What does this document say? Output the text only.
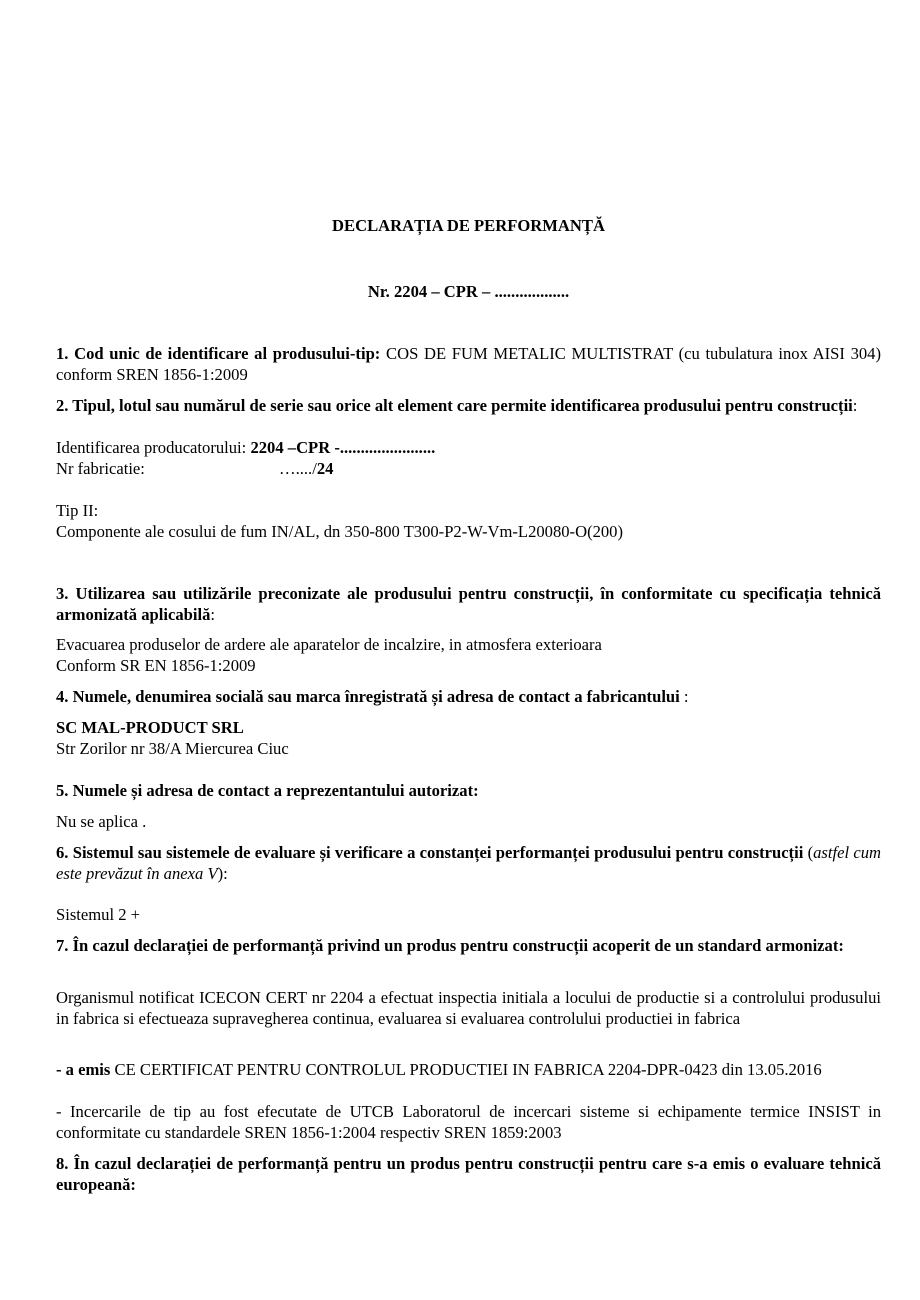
DECLARAȚIA DE PERFORMANȚĂ
Nr. 2204 – CPR – ..................
1. Cod unic de identificare al produsului-tip: COS DE FUM METALIC MULTISTRAT (cu tubulatura inox AISI 304) conform SREN 1856-1:2009
2. Tipul, lotul sau numărul de serie sau orice alt element care permite identificarea produsului pentru construcții:
Identificarea producatorului: 2204 –CPR -.......................
Nr fabricatie:	…..../24
Tip II:
Componente ale cosului de fum IN/AL, dn 350-800 T300-P2-W-Vm-L20080-O(200)
3. Utilizarea sau utilizările preconizate ale produsului pentru construcții, în conformitate cu specificația tehnică armonizată aplicabilă:
Evacuarea produselor de ardere ale aparatelor de incalzire, in atmosfera exterioara
Conform SR EN 1856-1:2009
4. Numele, denumirea socială sau marca înregistrată și adresa de contact a fabricantului :
SC MAL-PRODUCT SRL
Str Zorilor nr 38/A Miercurea Ciuc
5. Numele și adresa de contact a reprezentantului autorizat:
Nu se aplica .
6. Sistemul sau sistemele de evaluare și verificare a constanței performanței produsului pentru construcții (astfel cum este prevăzut în anexa V):
Sistemul 2 +
7. În cazul declarației de performanță privind un produs pentru construcții acoperit de un standard armonizat:
Organismul notificat ICECON CERT nr 2204 a efectuat inspectia initiala a locului de productie si a controlului produsului in fabrica si efectueaza supravegherea continua, evaluarea si evaluarea controlului productiei in fabrica
- a emis CE CERTIFICAT PENTRU CONTROLUL PRODUCTIEI IN FABRICA 2204-DPR-0423 din 13.05.2016
- Incercarile de tip au fost efecutate de UTCB Laboratorul de incercari sisteme si echipamente termice INSIST in conformitate cu standardele SREN 1856-1:2004 respectiv SREN 1859:2003
8. În cazul declarației de performanță pentru un produs pentru construcții pentru care s-a emis o evaluare tehnică europeană:
